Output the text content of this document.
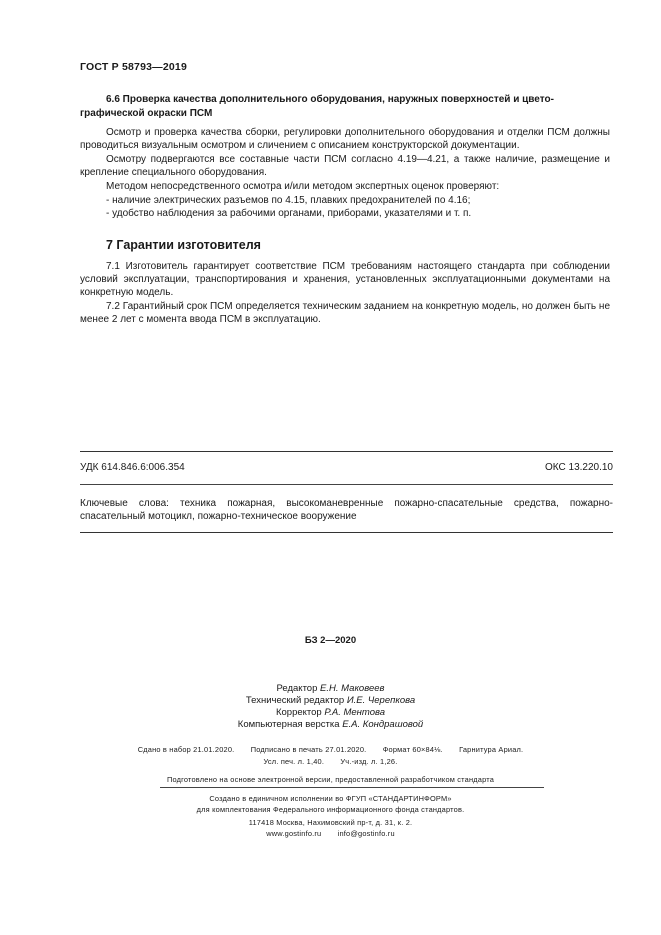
ГОСТ Р 58793—2019
6.6 Проверка качества дополнительного оборудования, наружных поверхностей и цвето-
графической окраски ПСМ

Осмотр и проверка качества сборки, регулировки дополнительного оборудования и отделки ПСМ должны проводиться визуальным осмотром и сличением с описанием конструкторской документации.

Осмотру подвергаются все составные части ПСМ согласно 4.19—4.21, а также наличие, размещение и крепление специального оборудования.

Методом непосредственного осмотра и/или методом экспертных оценок проверяют:

- наличие электрических разъемов по 4.15, плавких предохранителей по 4.16;
- удобство наблюдения за рабочими органами, приборами, указателями и т. п.
7 Гарантии изготовителя

7.1 Изготовитель гарантирует соответствие ПСМ требованиям настоящего стандарта при соблюдении условий эксплуатации, транспортирования и хранения, установленных эксплуатационными документами на конкретную модель.

7.2 Гарантийный срок ПСМ определяется техническим заданием на конкретную модель, но должен быть не менее 2 лет с момента ввода ПСМ в эксплуатацию.

УДК 614.846.6:006.354	ОКС 13.220.10

Ключевые слова: техника пожарная, высокоманевренные пожарно-спасательные средства, пожарно-спасательный мотоцикл, пожарно-техническое вооружение

БЗ 2—2020
Редактор Е.Н. Маковеев
Технический редактор И.Е. Черепкова
Корректор Р.А. Ментова
Компьютерная верстка Е.А. Кондрашовой
Сдано в набор 21.01.2020. Подписано в печать 27.01.2020. Формат 60×84⅛. Гарнитура Ариал.
Усл. печ. л. 1,40. Уч.-изд. л. 1,26.
Подготовлено на основе электронной версии, предоставленной разработчиком стандарта
Создано в единичном исполнении во ФГУП «СТАНДАРТИНФОРМ»
для комплектования Федерального информационного фонда стандартов.
117418 Москва, Нахимовский пр-т, д. 31, к. 2.
www.gostinfo.ru info@gostinfo.ru
